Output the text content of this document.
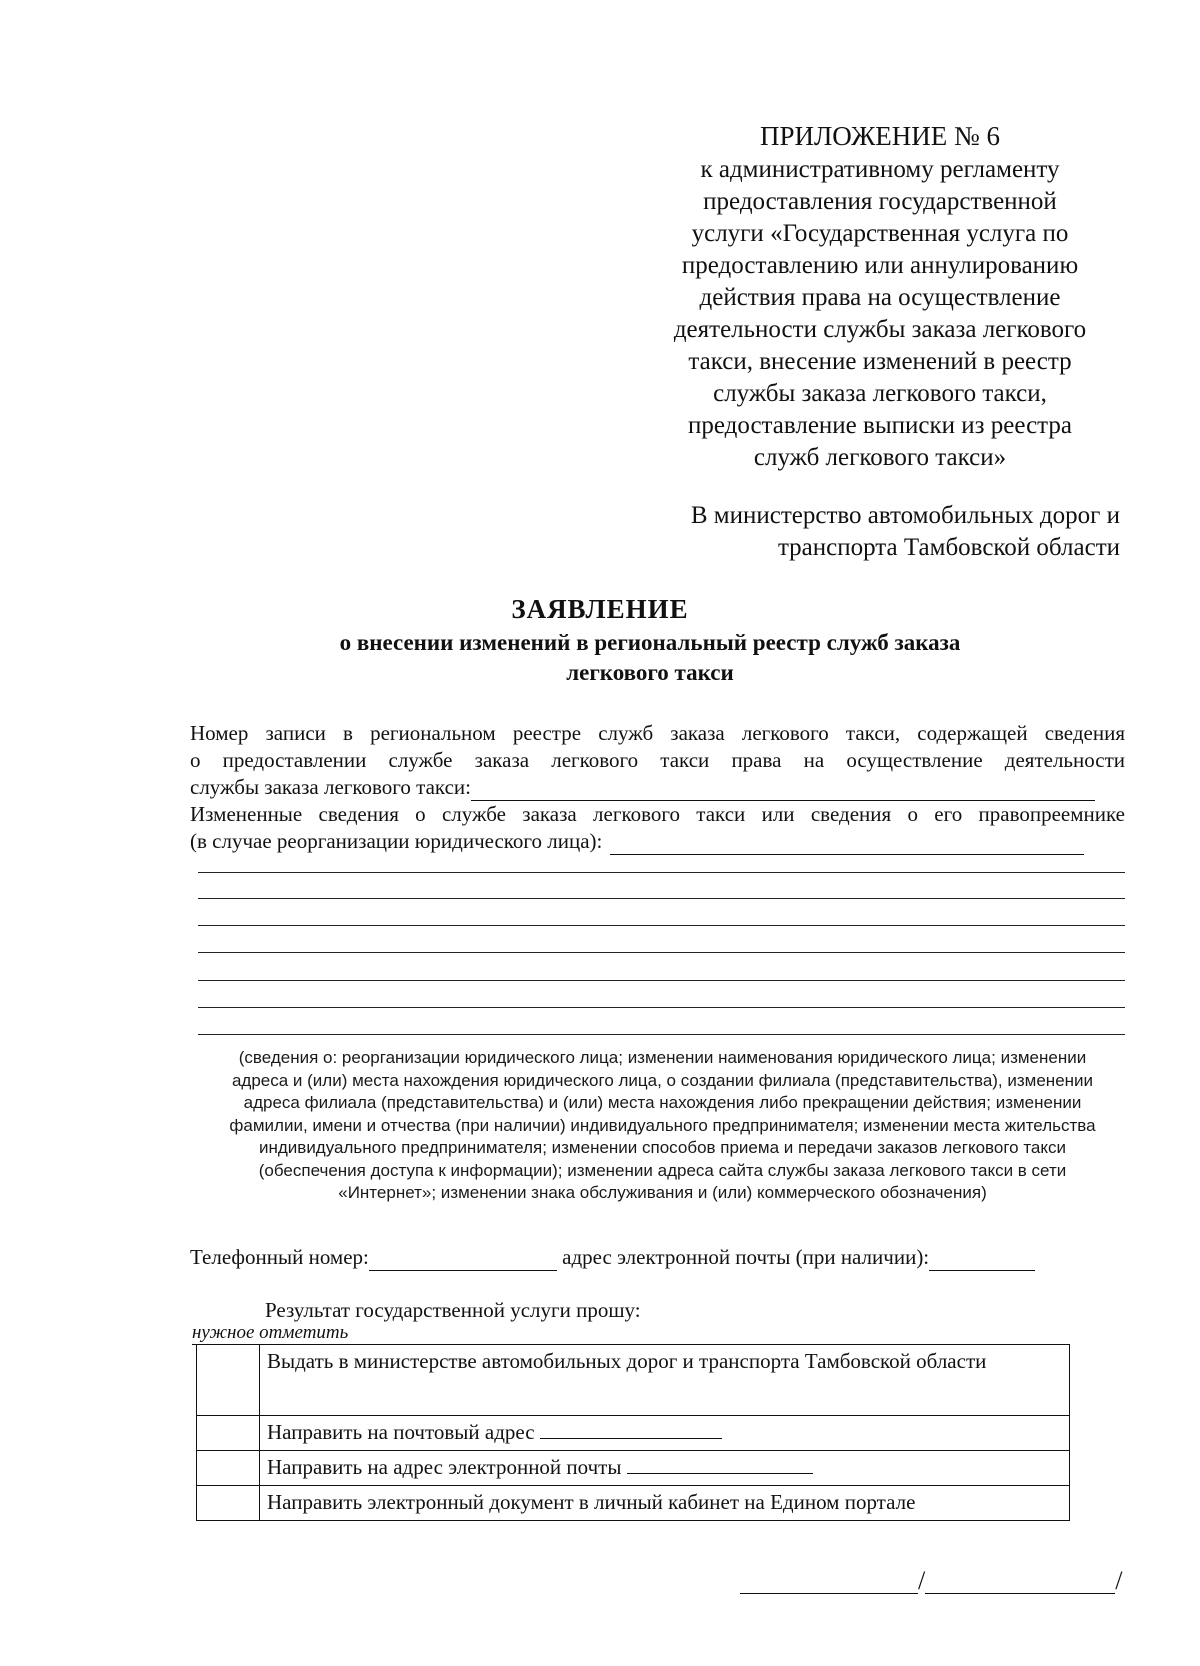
ПРИЛОЖЕНИЕ № 6
к административному регламенту
предоставления государственной
услуги «Государственная услуга по
предоставлению или аннулированию
действия права на осуществление
деятельности службы заказа легкового
такси, внесение изменений в реестр
службы заказа легкового такси,
предоставление выписки из реестра
служб легкового такси»
В министерство автомобильных дорог и
транспорта Тамбовской области
ЗАЯВЛЕНИЕ
о внесении изменений в региональный реестр служб заказа
легкового такси
Номер записи в региональном реестре служб заказа легкового такси, содержащей сведения
о предоставлении службе заказа легкового такси права на осуществление деятельности
службы заказа легкового такси:
Измененные сведения о службе заказа легкового такси или сведения о его правопреемнике
(в случае реорганизации юридического лица):
(сведения о: реорганизации юридического лица; изменении наименования юридического лица; изменении
адреса и (или) места нахождения юридического лица, о создании филиала (представительства), изменении
адреса филиала (представительства) и (или) места нахождения либо прекращении действия; изменении
фамилии, имени и отчества (при наличии) индивидуального предпринимателя; изменении места жительства
индивидуального предпринимателя; изменении способов приема и передачи заказов легкового такси
(обеспечения доступа к информации); изменении адреса сайта службы заказа легкового такси в сети
«Интернет»; изменении знака обслуживания и (или) коммерческого обозначения)
Телефонный номер:	адрес электронной почты (при наличии):
Результат государственной услуги прошу:
нужное отметить
	Выдать в министерстве автомобильных дорог и транспорта Тамбовской области
	Направить на почтовый адрес
	Направить на адрес электронной почты
	Направить электронный документ в личный кабинет на Едином портале
/	/
